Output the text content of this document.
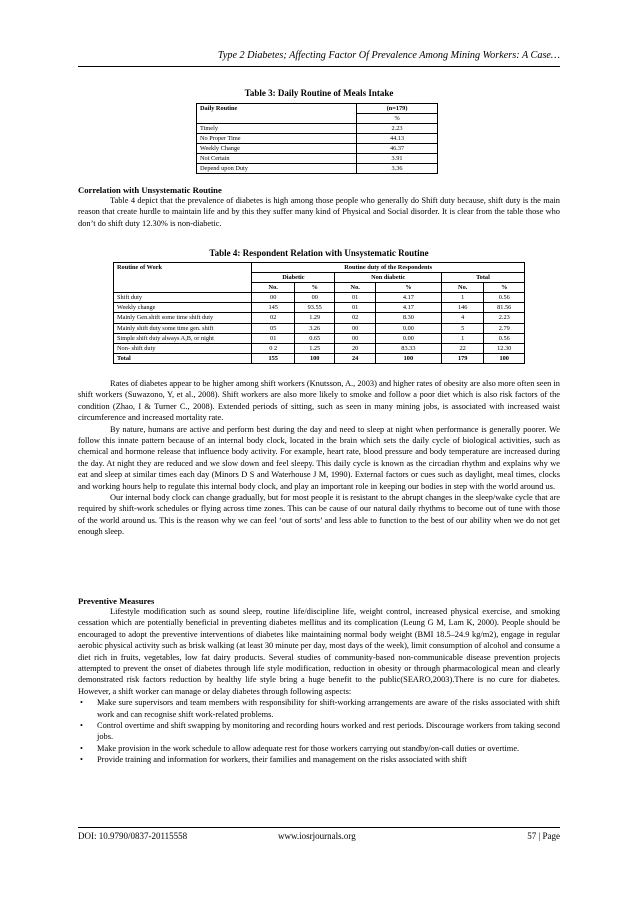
Type 2 Diabetes; Affecting Factor Of Prevalence Among Mining Workers: A Case…
Table 3: Daily Routine of Meals Intake
Daily Routine	(n=179)
	%
Timely	2.23
No Proper Time	44.13
Weekly Change	46.37
Not Certain	3.91
Depend upon Duty	3.36

Correlation with Unsystematic Routine

Table 4 depict that the prevalence of diabetes is high among those people who generally do Shift duty because, shift duty is the main reason that create hurdle to maintain life and by this they suffer many kind of Physical and Social disorder. It is clear from the table those who don’t do shift duty 12.30% is non-diabetic.

Table 4: Respondent Relation with Unsystematic Routine
Routine of Work	Routine duty of the Respondents					
	Diabetic		Non diabetic		Total	
	No.	%	No.	%	No.	%
Shift duty	00	00	01	4.17	1	0.56
Weekly change	145	93.55	01	4.17	146	81.56
Mainly Gen.shift some time shift duty	02	1.29	02	8.30	4	2.23
Mainly shift duty some time gen. shift	05	3.26	00	0.00	5	2.79
Simple shift duty always A,B, or night	01	0.65	00	0.00	1	0.56
Non- shift duty	0 2	1.25	20	83.33	22	12.30
Total	155	100	24	100	179	100

Rates of diabetes appear to be higher among shift workers (Knutsson, A., 2003) and higher rates of obesity are also more often seen in shift workers (Suwazono, Y, et al., 2008). Shift workers are also more likely to smoke and follow a poor diet which is also risk factors of the condition (Zhao, I & Turner C., 2008). Extended periods of sitting, such as seen in many mining jobs, is associated with increased waist circumference and increased mortality rate.

By nature, humans are active and perform best during the day and need to sleep at night when performance is generally poorer. We follow this innate pattern because of an internal body clock, located in the brain which sets the daily cycle of biological activities, such as chemical and hormone release that influence body activity. For example, heart rate, blood pressure and body temperature are increased during the day. At night they are reduced and we slow down and feel sleepy. This daily cycle is known as the circadian rhythm and explains why we eat and sleep at similar times each day (Minors D S and Waterhouse J M, 1990). External factors or cues such as daylight, meal times, clocks and working hours help to regulate this internal body clock, and play an important role in keeping our bodies in step with the world around us.

Our internal body clock can change gradually, but for most people it is resistant to the abrupt changes in the sleep/wake cycle that are required by shift-work schedules or flying across time zones. This can be cause of our natural daily rhythms to become out of tune with those of the world around us. This is the reason why we can feel ‘out of sorts’ and less able to function to the best of our ability when we do not get enough sleep.

Preventive Measures

Lifestyle modification such as sound sleep, routine life/discipline life, weight control, increased physical exercise, and smoking cessation which are potentially beneficial in preventing diabetes mellitus and its complication (Leung G M, Lam K, 2000). People should be encouraged to adopt the preventive interventions of diabetes like maintaining normal body weight (BMI 18.5–24.9 kg/m2), engage in regular aerobic physical activity such as brisk walking (at least 30 minute per day, most days of the week), limit consumption of alcohol and consume a diet rich in fruits, vegetables, low fat dairy products. Several studies of community-based non-communicable disease prevention projects attempted to prevent the onset of diabetes through life style modification, reduction in obesity or through pharmacological mean and clearly demonstrated risk factors reduction by healthy life style bring a huge benefit to the public(SEARO,2003).There is no cure for diabetes. However, a shift worker can manage or delay diabetes through following aspects:

• Make sure supervisors and team members with responsibility for shift-working arrangements are aware of the risks associated with shift work and can recognise shift work-related problems.
• Control overtime and shift swapping by monitoring and recording hours worked and rest periods. Discourage workers from taking second jobs.
• Make provision in the work schedule to allow adequate rest for those workers carrying out standby/on-call duties or overtime.
• Provide training and information for workers, their families and management on the risks associated with shift
DOI: 10.9790/0837-20115558	www.iosrjournals.org	57 | Page
